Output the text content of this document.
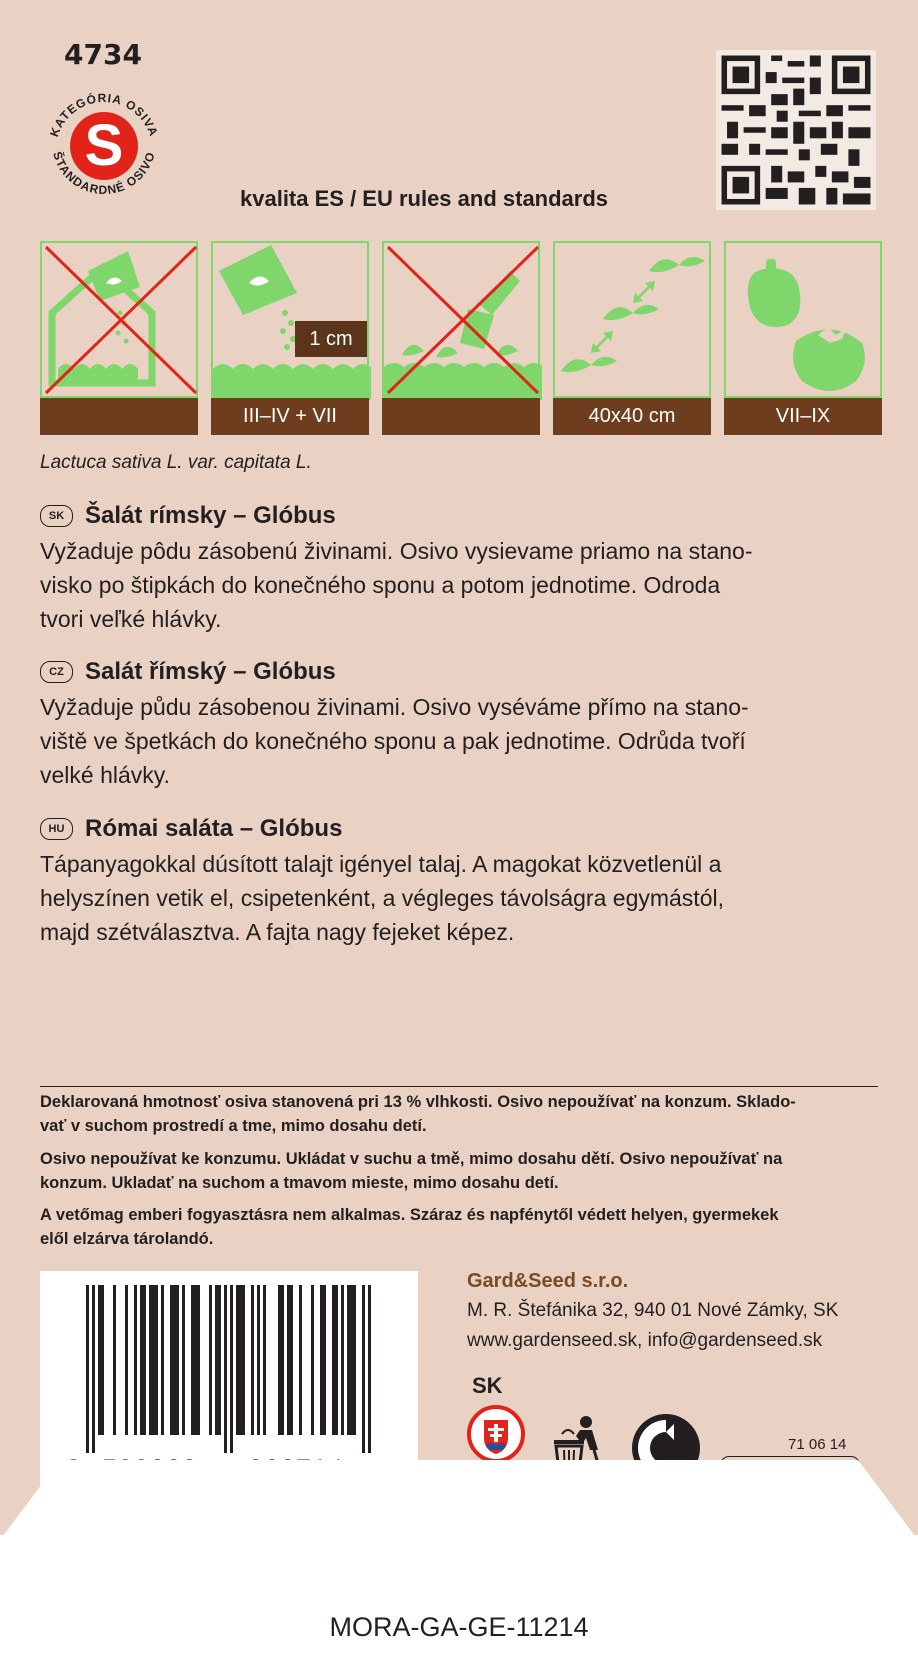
4734
KATEGÓRIA OSIVA
ŠTANDARDNÉ OSIVO
S
kvalita ES / EU rules and standards
1 cm
III–IV + VII	40x40 cm	VII–IX
Lactuca sativa L. var. capitata L.
SK Šalát rímsky – Glóbus

Vyžaduje pôdu zásobenú živinami. Osivo vysievame priamo na stano-
visko po štipkách do konečného sponu a potom jednotime. Odroda
tvori veľké hlávky.

CZ Salát římský – Glóbus

Vyžaduje půdu zásobenou živinami. Osivo vyséváme přímo na stano-
viště ve špetkách do konečného sponu a pak jednotime. Odrůda tvoří
velké hlávky.

HU Római saláta – Glóbus

Tápanyagokkal dúsított talajt igényel talaj. A magokat közvetlenül a
helyszínen vetik el, csipetenként, a végleges távolságra egymástól,
majd szétválasztva. A fajta nagy fejeket képez.

Deklarovaná hmotnosť osiva stanovená pri 13 % vlhkosti. Osivo nepoužívať na konzum. Sklado-
vať v suchom prostredí a tme, mimo dosahu detí.
Osivo nepoužívat ke konzumu. Ukládat v suchu a tmě, mimo dosahu dětí. Osivo nepoužívať na
konzum. Ukladať na suchom a tmavom mieste, mimo dosahu detí.
A vetőmag emberi fogyasztásra nem alkalmas. Száraz és napfénytől védett helyen, gyermekek
elől elzárva tárolandó.
Gard&Seed s.r.o.
M. R. Štefánika 32, 940 01 Nové Zámky, SK
www.gardenseed.sk, info@gardenseed.sk
SK
71 06 14
MORA-GA-GE-11214
